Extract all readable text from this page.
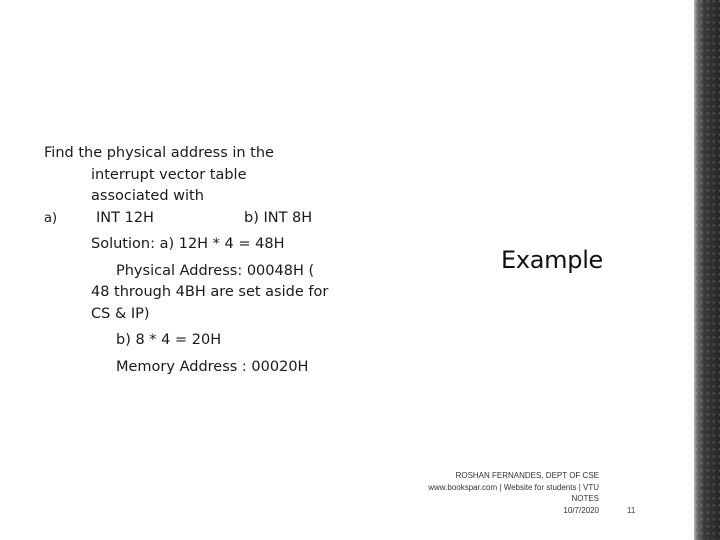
Find the physical address in the
interrupt vector table
associated with
a)	INT 12H	b) INT 8H
Solution: a) 12H * 4 = 48H
Physical Address: 00048H ( 48 through 4BH are set aside for CS & IP)
b) 8 * 4 = 20H
Memory Address : 00020H
Example
ROSHAN FERNANDES, DEPT OF CSE
www.bookspar.com | Website for students | VTU
NOTES
10/7/2020	11
